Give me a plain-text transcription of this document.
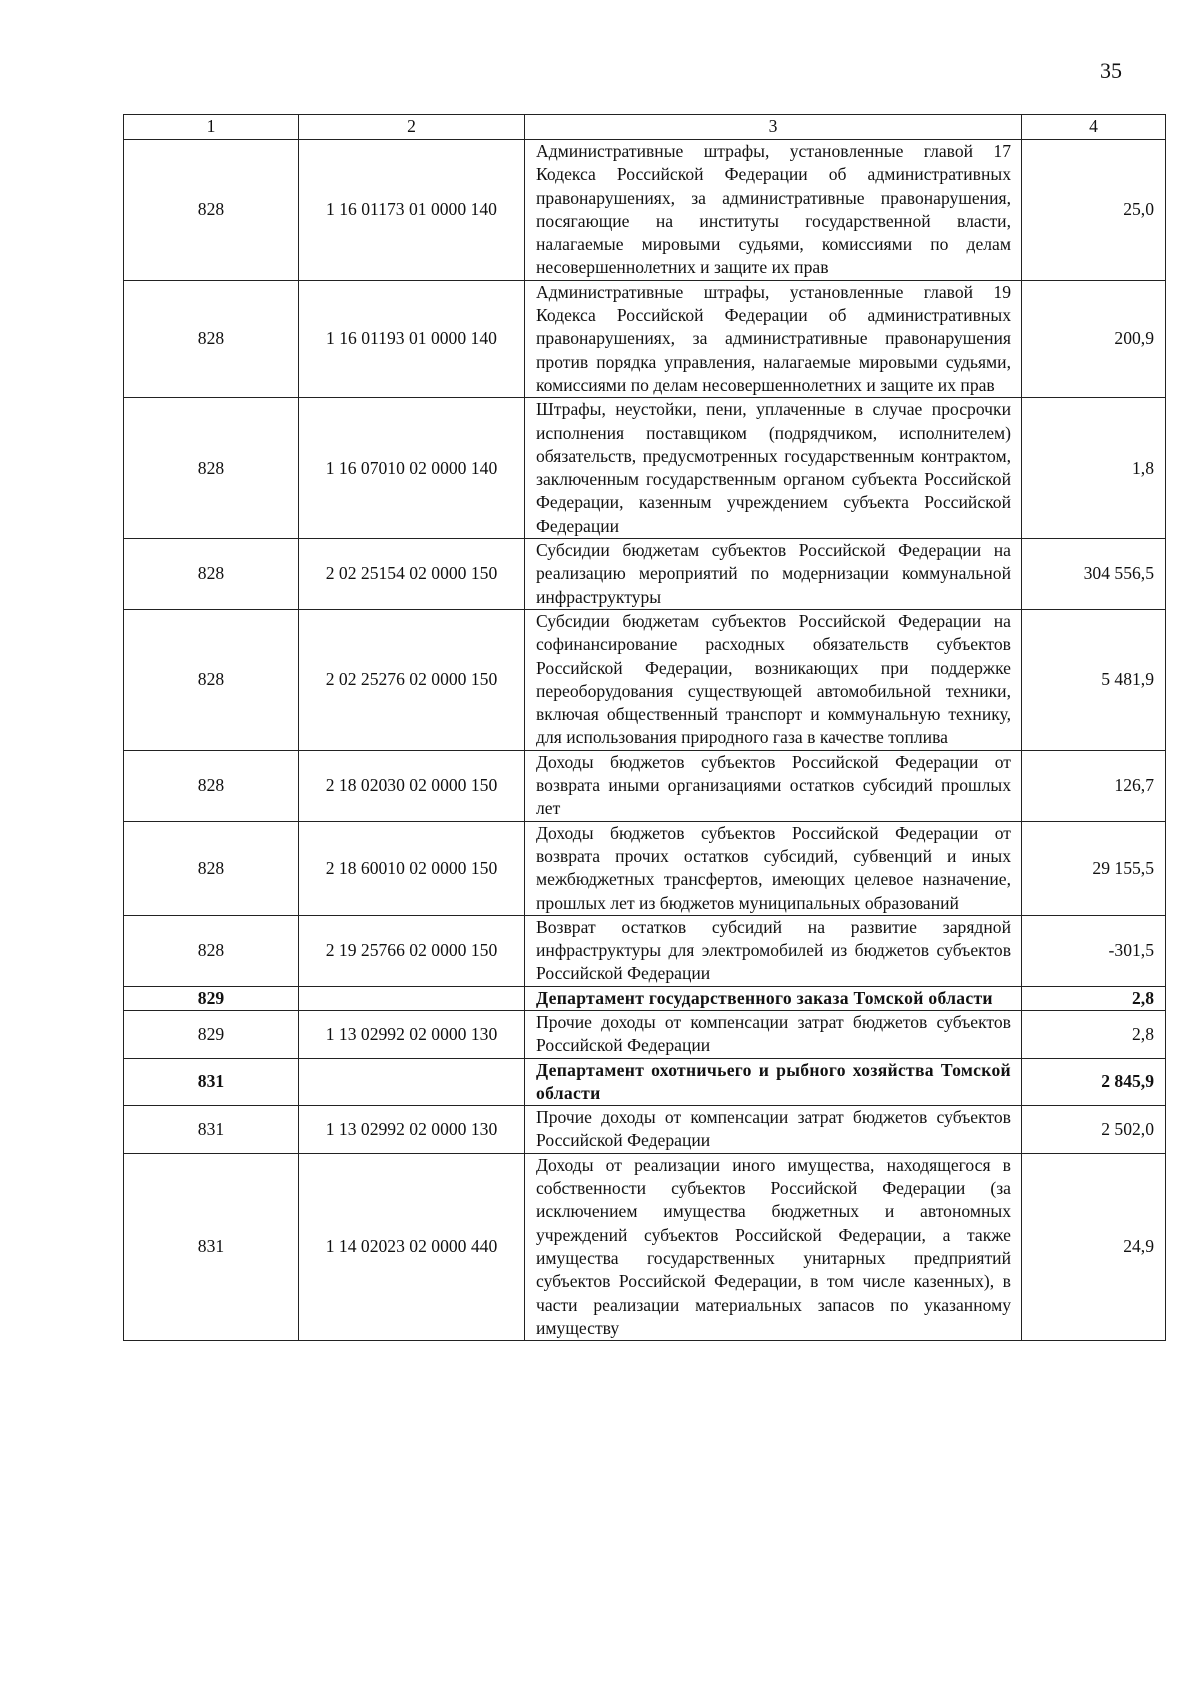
35
1	2	3	4
828	1 16 01173 01 0000 140	Административные штрафы, установленные главой 17 Кодекса Российской Федерации об административных правонарушениях, за административные правонарушения, посягающие на институты государственной власти, налагаемые мировыми судьями, комиссиями по делам несовершеннолетних и защите их прав	25,0
828	1 16 01193 01 0000 140	Административные штрафы, установленные главой 19 Кодекса Российской Федерации об административных правонарушениях, за административные правонарушения против порядка управления, налагаемые мировыми судьями, комиссиями по делам несовершеннолетних и защите их прав	200,9
828	1 16 07010 02 0000 140	Штрафы, неустойки, пени, уплаченные в случае просрочки исполнения поставщиком (подрядчиком, исполнителем) обязательств, предусмотренных государственным контрактом, заключенным государственным органом субъекта Российской Федерации, казенным учреждением субъекта Российской Федерации	1,8
828	2 02 25154 02 0000 150	Субсидии бюджетам субъектов Российской Федерации на реализацию мероприятий по модернизации коммунальной инфраструктуры	304 556,5
828	2 02 25276 02 0000 150	Субсидии бюджетам субъектов Российской Федерации на софинансирование расходных обязательств субъектов Российской Федерации, возникающих при поддержке переоборудования существующей автомобильной техники, включая общественный транспорт и коммунальную технику, для использования природного газа в качестве топлива	5 481,9
828	2 18 02030 02 0000 150	Доходы бюджетов субъектов Российской Федерации от возврата иными организациями остатков субсидий прошлых лет	126,7
828	2 18 60010 02 0000 150	Доходы бюджетов субъектов Российской Федерации от возврата прочих остатков субсидий, субвенций и иных межбюджетных трансфертов, имеющих целевое назначение, прошлых лет из бюджетов муниципальных образований	29 155,5
828	2 19 25766 02 0000 150	Возврат остатков субсидий на развитие зарядной инфраструктуры для электромобилей из бюджетов субъектов Российской Федерации	-301,5
829		Департамент государственного заказа Томской области	2,8
829	1 13 02992 02 0000 130	Прочие доходы от компенсации затрат бюджетов субъектов Российской Федерации	2,8
831		Департамент охотничьего и рыбного хозяйства Томской области	2 845,9
831	1 13 02992 02 0000 130	Прочие доходы от компенсации затрат бюджетов субъектов Российской Федерации	2 502,0
831	1 14 02023 02 0000 440	Доходы от реализации иного имущества, находящегося в собственности субъектов Российской Федерации (за исключением имущества бюджетных и автономных учреждений субъектов Российской Федерации, а также имущества государственных унитарных предприятий субъектов Российской Федерации, в том числе казенных), в части реализации материальных запасов по указанному имуществу	24,9
